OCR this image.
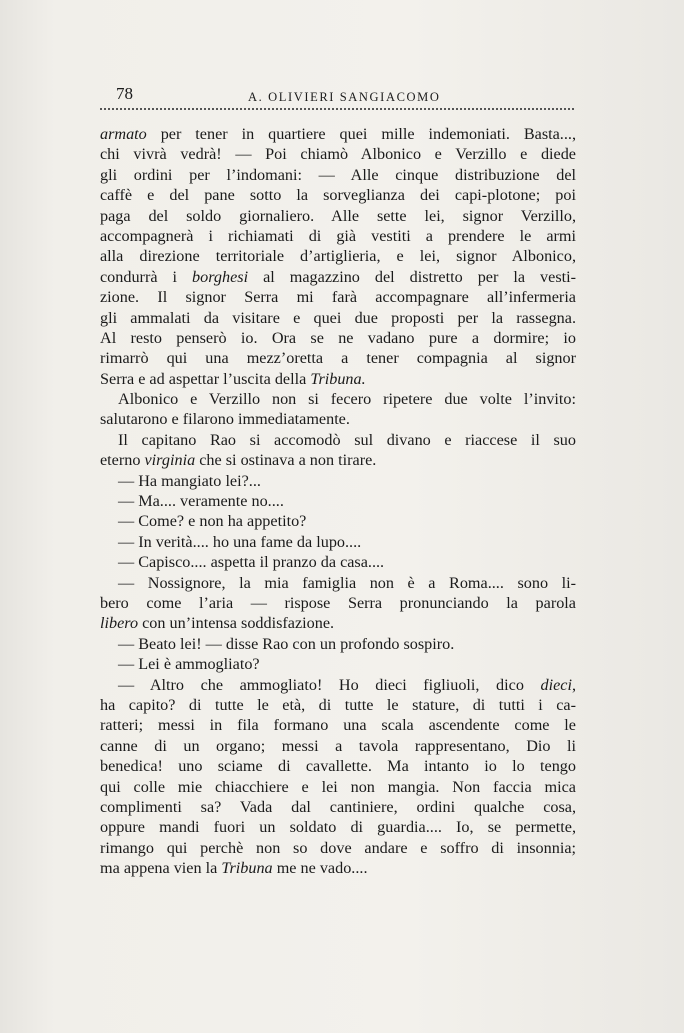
78	A. OLIVIERI SANGIACOMO
armato per tener in quartiere quei mille indemoniati. Basta...,
chi vivrà vedrà! — Poi chiamò Albonico e Verzillo e diede
gli ordini per l’indomani: — Alle cinque distribuzione del
caffè e del pane sotto la sorveglianza dei capi-plotone; poi
paga del soldo giornaliero. Alle sette lei, signor Verzillo,
accompagnerà i richiamati di già vestiti a prendere le armi
alla direzione territoriale d’artiglieria, e lei, signor Albonico,
condurrà i borghesi al magazzino del distretto per la vesti-
zione. Il signor Serra mi farà accompagnare all’infermeria
gli ammalati da visitare e quei due proposti per la rassegna.
Al resto penserò io. Ora se ne vadano pure a dormire; io
rimarrò qui una mezz’oretta a tener compagnia al signor
Serra e ad aspettar l’uscita della Tribuna.
Albonico e Verzillo non si fecero ripetere due volte l’invito:
salutarono e filarono immediatamente.
Il capitano Rao si accomodò sul divano e riaccese il suo
eterno virginia che si ostinava a non tirare.
— Ha mangiato lei?...
— Ma.... veramente no....
— Come? e non ha appetito?
— In verità.... ho una fame da lupo....
— Capisco.... aspetta il pranzo da casa....
— Nossignore, la mia famiglia non è a Roma.... sono li-
bero come l’aria — rispose Serra pronunciando la parola
libero con un’intensa soddisfazione.
— Beato lei! — disse Rao con un profondo sospiro.
— Lei è ammogliato?
— Altro che ammogliato! Ho dieci figliuoli, dico dieci,
ha capito? di tutte le età, di tutte le stature, di tutti i ca-
ratteri; messi in fila formano una scala ascendente come le
canne di un organo; messi a tavola rappresentano, Dio li
benedica! uno sciame di cavallette. Ma intanto io lo tengo
qui colle mie chiacchiere e lei non mangia. Non faccia mica
complimenti sa? Vada dal cantiniere, ordini qualche cosa,
oppure mandi fuori un soldato di guardia.... Io, se permette,
rimango qui perchè non so dove andare e soffro di insonnia;
ma appena vien la Tribuna me ne vado....
